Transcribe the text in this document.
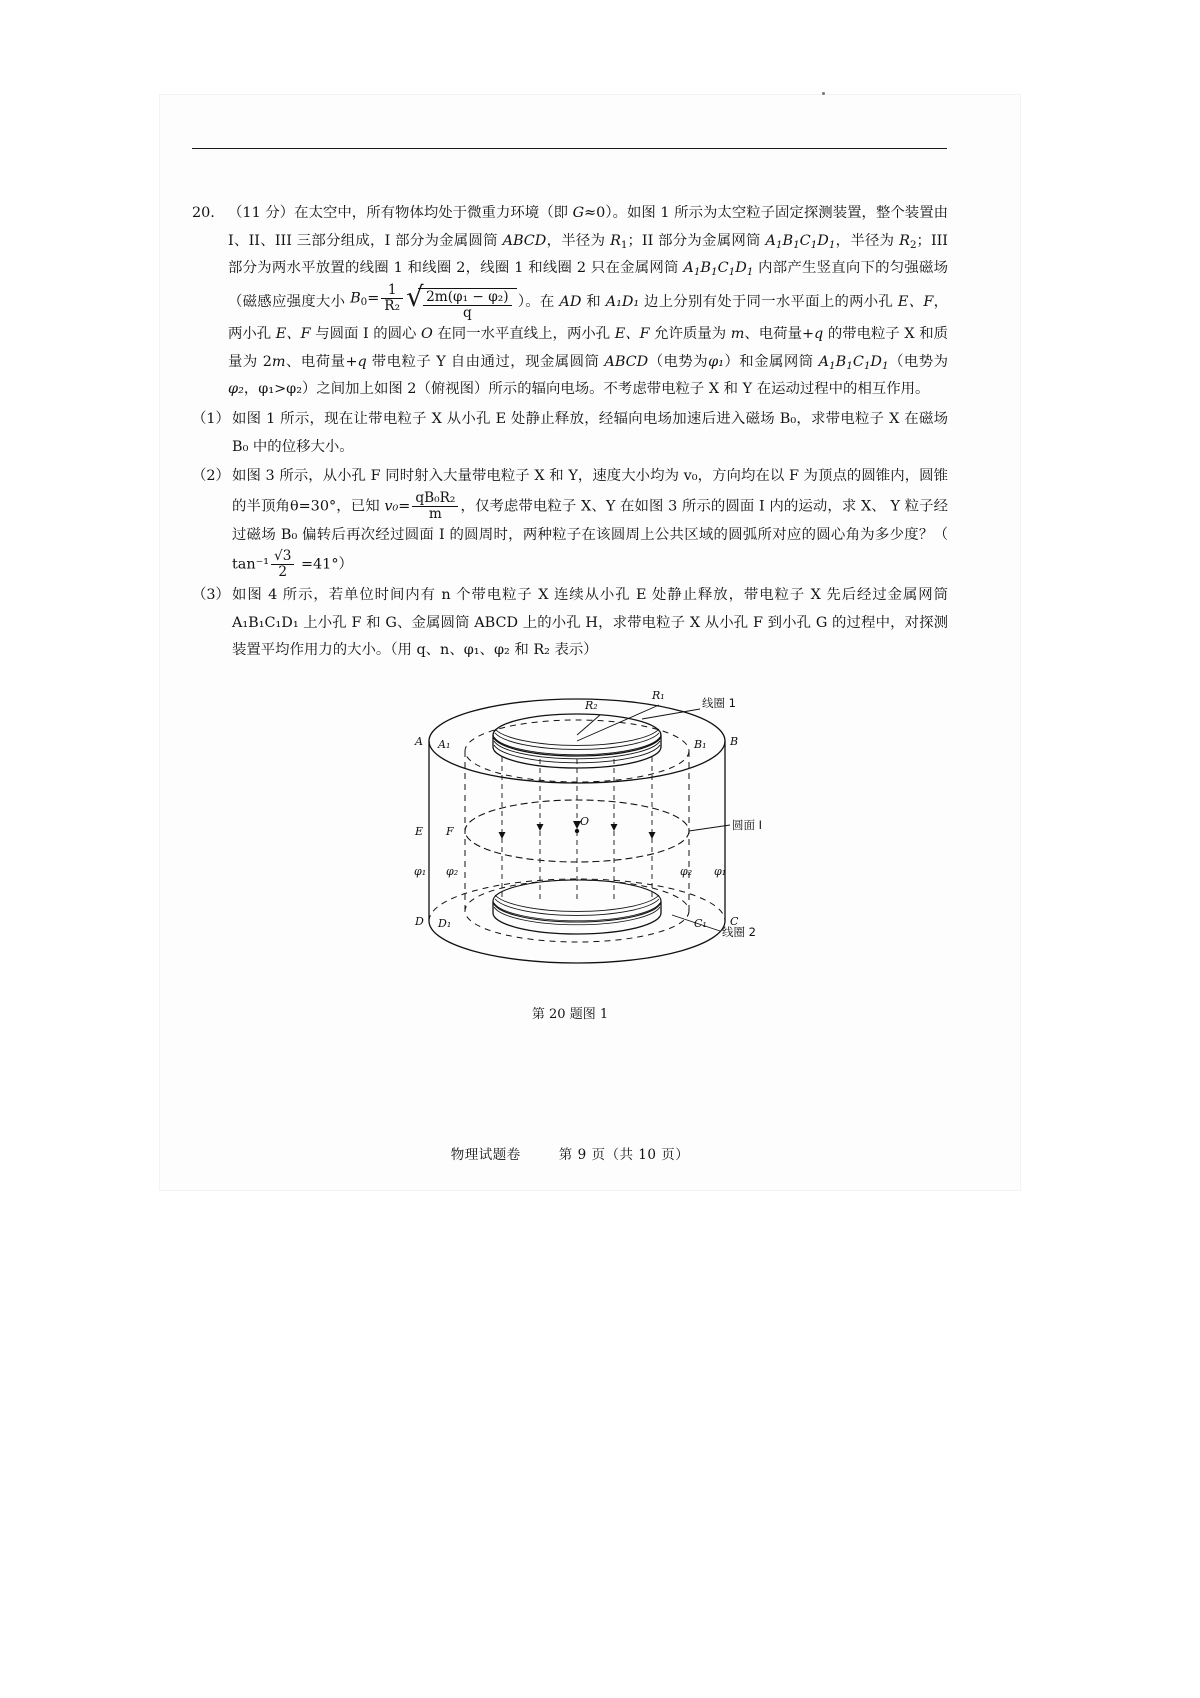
20. （11 分）在太空中，所有物体均处于微重力环境（即 G≈0）。如图 1 所示为太空粒子固定探测装置，整个装置由I、II、III 三部分组成，I 部分为金属圆筒 ABCD，半径为 $R_1$；II 部分为金属网筒 $A_1B_1C_1D_1$，半径为 $R_2$；III 部分为两水平放置的线圈 1 和线圈 2，线圈 1 和线圈 2 只在金属网筒 $A_1B_1C_1D_1$ 内部产生竖直向下的匀强磁场（磁感应强度大小 $B_0= \frac{1}{\text{R₂}}$ √ $\frac{\text{2m(φ₁ − φ₂)}}{q}$ ）。在 AD 和 A₁D₁ 边上分别有处于同一水平面上的两小孔 E、F，两小孔 E、F 与圆面 I 的圆心 O 在同一水平直线上，两小孔 E、F 允许质量为 m、电荷量+q 的带电粒子 X 和质量为 2m、电荷量+q 带电粒子 Y 自由通过，现金属圆筒 ABCD（电势为φ₁）和金属网筒 $A_1B_1C_1D_1$（电势为φ₂，φ₁>φ₂）之间加上如图 2（俯视图）所示的辐向电场。不考虑带电粒子 X 和 Y 在运动过程中的相互作用。
（1） 如图 1 所示，现在让带电粒子 X 从小孔 E 处静止释放，经辐向电场加速后进入磁场 B₀，求带电粒子 X 在磁场 B₀ 中的位移大小。
（2） 如图 3 所示，从小孔 F 同时射入大量带电粒子 X 和 Y，速度大小均为 v₀，方向均在以 F 为顶点的圆锥内，圆锥的半顶角θ=30°，已知 $v_0= \frac{\text{qB₀R₂}}{m}$ ，仅考虑带电粒子 X、Y 在如图 3 所示的圆面 I 内的运动，求 X、 Y 粒子经过磁场 B₀ 偏转后再次经过圆面 I 的圆周时，两种粒子在该圆周上公共区域的圆弧所对应的圆心角为多少度？$(\tan^{-1} \frac{√3}{2} =41^\circ)$
（3） 如图 4 所示，若单位时间内有 n 个带电粒子 X 连续从小孔 E 处静止释放，带电粒子 X 先后经过金属网筒 A₁B₁C₁D₁ 上小孔 F 和 G、金属圆筒 ABCD 上的小孔 H，求带电粒子 X 从小孔 F 到小孔 G 的过程中，对探测装置平均作用力的大小。（用 q、n、φ₁、φ₂ 和 R₂ 表示）
R₁
R₂
A A₁	B₁ B
E F
O
D D₁	C₁ C
φ₁ φ₂	φ₂ φ₁
线圈 1
圆面 I
线圈 2
第 20 题图 1
物理试题卷	第 9 页（共 10 页）
